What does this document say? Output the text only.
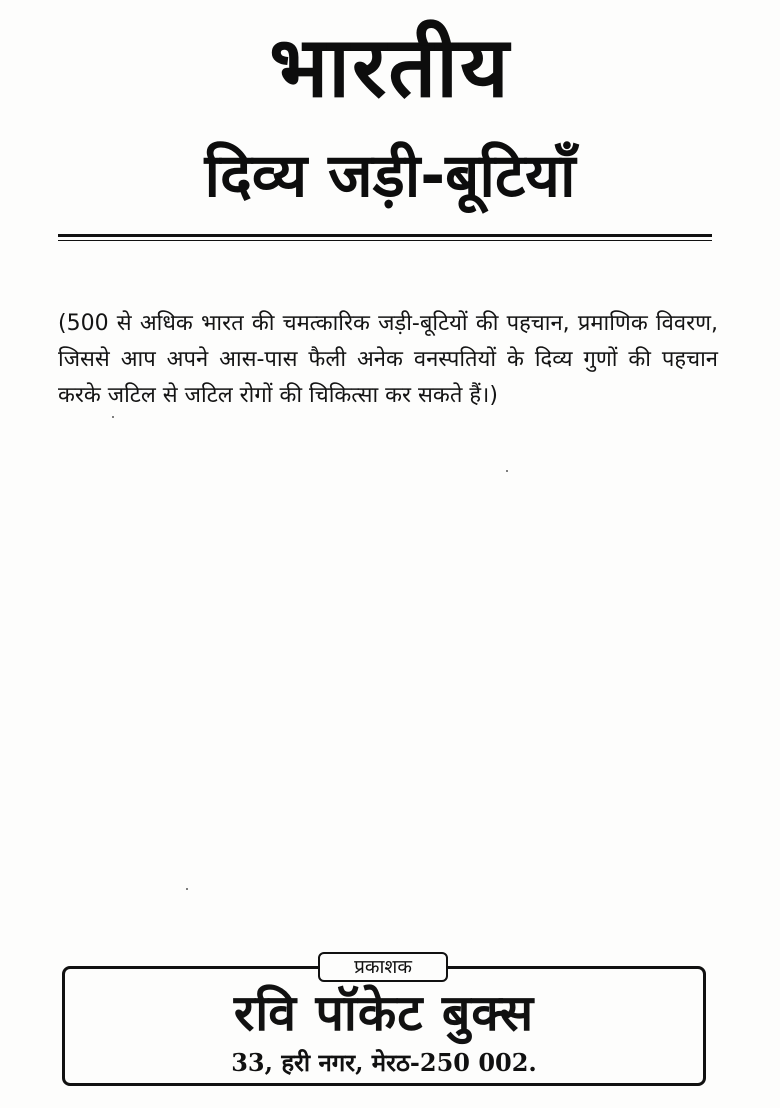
भारतीय
दिव्य जड़ी-बूटियाँ
(500 से अधिक भारत की चमत्कारिक जड़ी-बूटियों की पहचान, प्रमाणिक विवरण, जिससे आप अपने आस-पास फैली अनेक वनस्पतियों के दिव्य गुणों की पहचान करके जटिल से जटिल रोगों की चिकित्सा कर सकते हैं।)
प्रकाशक
रवि पॉकेट बुक्स
33, हरी नगर, मेरठ-250 002.
